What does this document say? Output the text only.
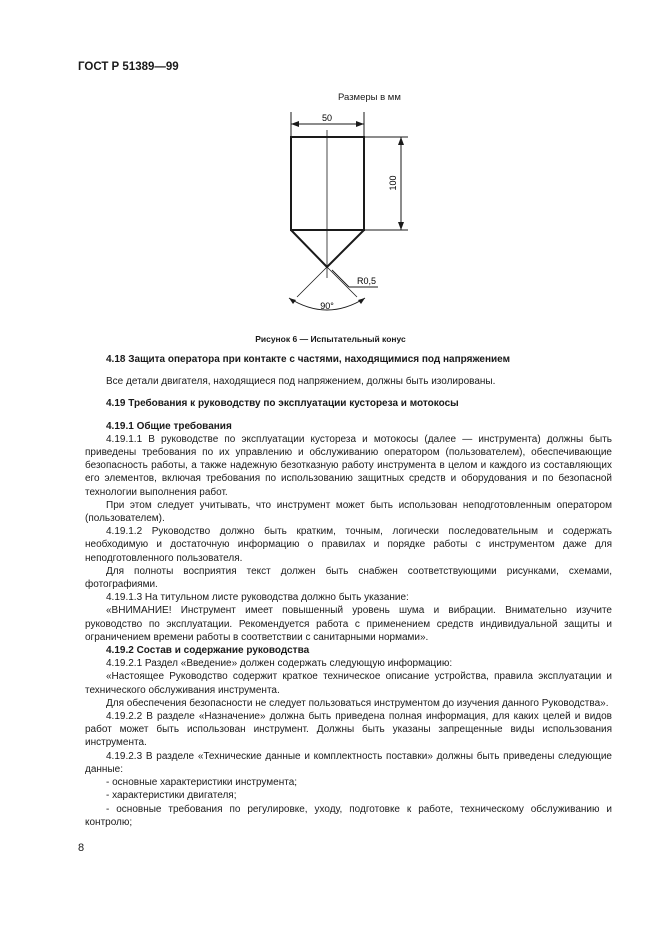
ГОСТ Р 51389—99
Размеры в мм
50
100
R0,5
90°
Рисунок 6 — Испытательный конус

4.18 Защита оператора при контакте с частями, находящимися под напряжением

Все детали двигателя, находящиеся под напряжением, должны быть изолированы.

4.19 Требования к руководству по эксплуатации кустореза и мотокосы

4.19.1 Общие требования

4.19.1.1 В руководстве по эксплуатации кустореза и мотокосы (далее — инструмента) должны быть приведены требования по их управлению и обслуживанию оператором (пользователем), обеспечивающие безопасность работы, а также надежную безотказную работу инструмента в целом и каждого из составляющих его элементов, включая требования по использованию защитных средств и оборудования и по безопасной технологии выполнения работ.

При этом следует учитывать, что инструмент может быть использован неподготовленным оператором (пользователем).

4.19.1.2 Руководство должно быть кратким, точным, логически последовательным и содержать необходимую и достаточную информацию о правилах и порядке работы с инструментом даже для неподготовленного пользователя.

Для полноты восприятия текст должен быть снабжен соответствующими рисунками, схемами, фотографиями.

4.19.1.3 На титульном листе руководства должно быть указание:

«ВНИМАНИЕ! Инструмент имеет повышенный уровень шума и вибрации. Внимательно изучите руководство по эксплуатации. Рекомендуется работа с применением средств индивидуальной защиты и ограничением времени работы в соответствии с санитарными нормами».

4.19.2 Состав и содержание руководства

4.19.2.1 Раздел «Введение» должен содержать следующую информацию:

«Настоящее Руководство содержит краткое техническое описание устройства, правила эксплуатации и технического обслуживания инструмента.

Для обеспечения безопасности не следует пользоваться инструментом до изучения данного Руководства».

4.19.2.2 В разделе «Назначение» должна быть приведена полная информация, для каких целей и видов работ может быть использован инструмент. Должны быть указаны запрещенные виды использования инструмента.

4.19.2.3 В разделе «Технические данные и комплектность поставки» должны быть приведены следующие данные:

- основные характеристики инструмента;

- характеристики двигателя;

- основные требования по регулировке, уходу, подготовке к работе, техническому обслуживанию и контролю;

8
